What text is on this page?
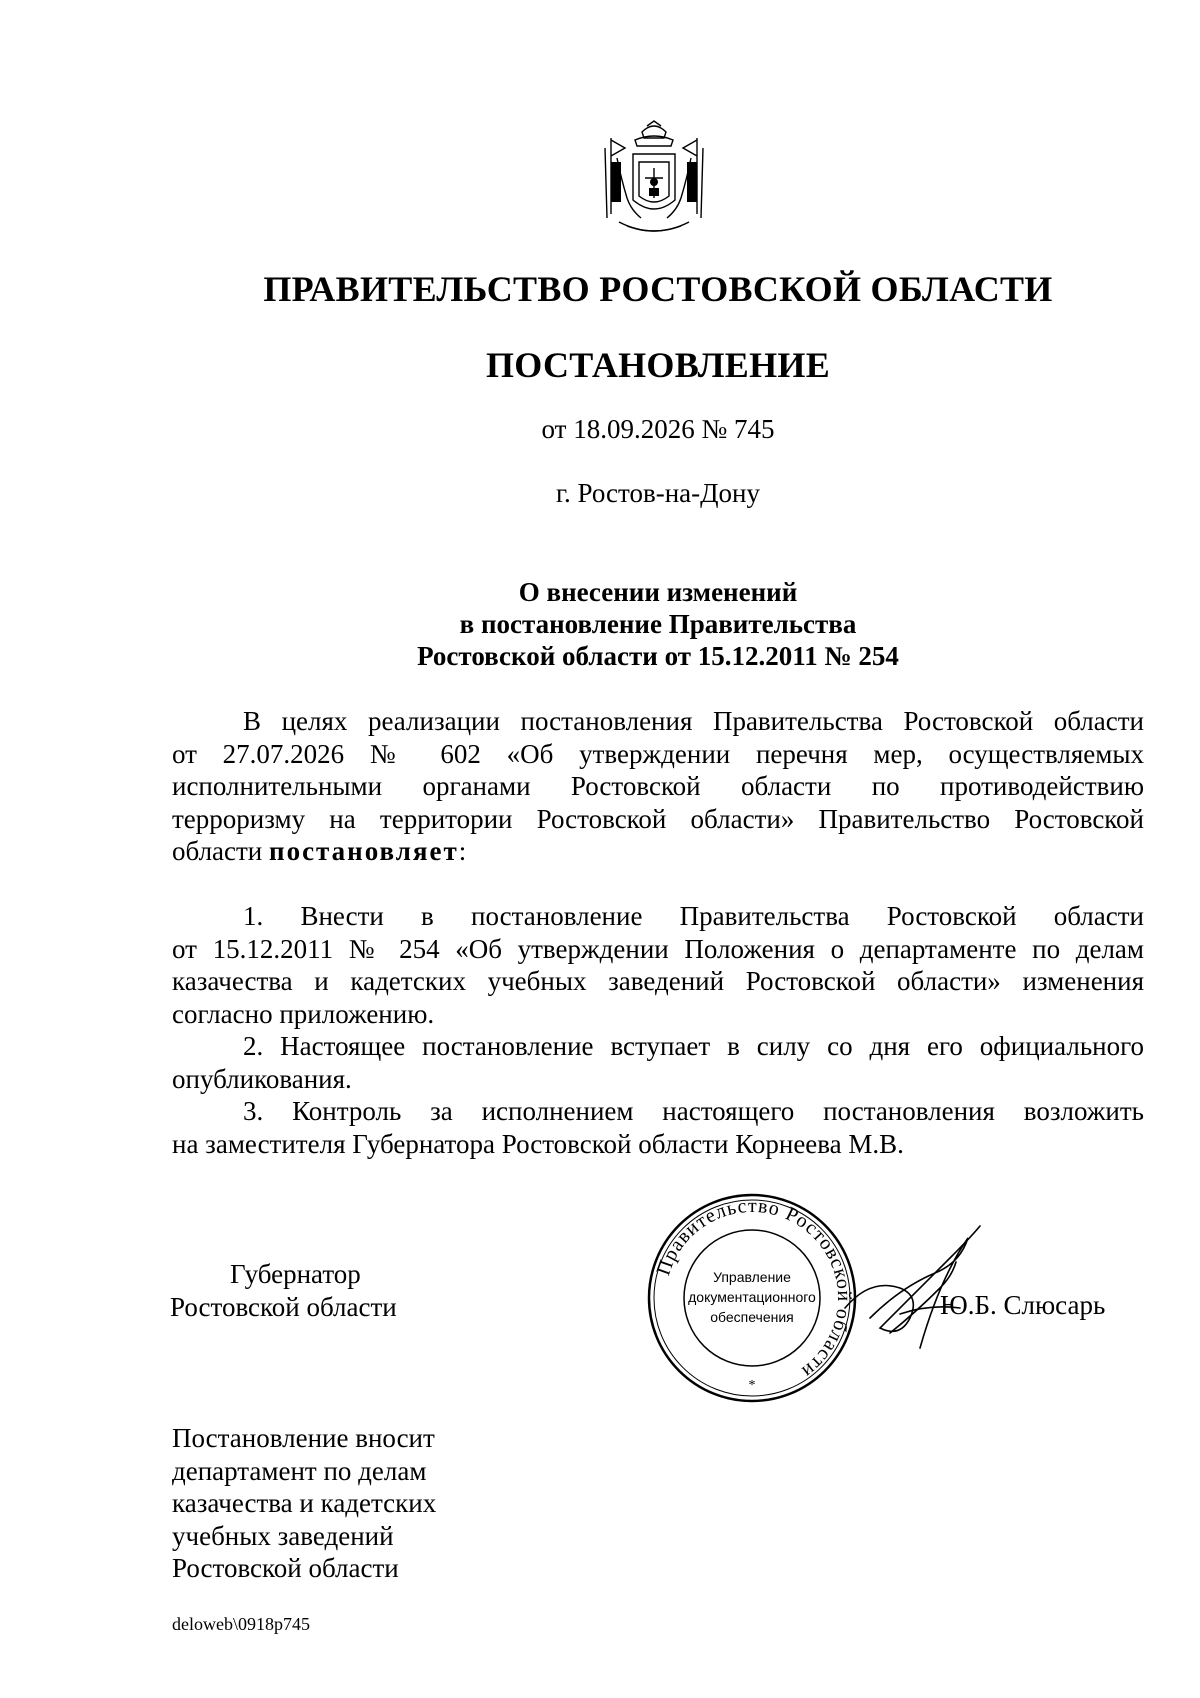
ПРАВИТЕЛЬСТВО РОСТОВСКОЙ ОБЛАСТИ
ПОСТАНОВЛЕНИЕ
от 18.09.2026 № 745
г. Ростов-на-Дону
О внесении изменений
в постановление Правительства
Ростовской области от 15.12.2011 № 254
В целях реализации постановления Правительства Ростовской области
от 27.07.2026 № 602 «Об утверждении перечня мер, осуществляемых
исполнительными органами Ростовской области по противодействию
терроризму на территории Ростовской области» Правительство Ростовской
области постановляет:
1. Внести в постановление Правительства Ростовской области
от 15.12.2011 № 254 «Об утверждении Положения о департаменте по делам
казачества и кадетских учебных заведений Ростовской области» изменения
согласно приложению.
2. Настоящее постановление вступает в силу со дня его официального
опубликования.
3. Контроль за исполнением настоящего постановления возложить
на заместителя Губернатора Ростовской области Корнеева М.В.
Губернатор
Ростовской области
Правительство Ростовской области
Управление
документационного
обеспечения
*
Ю.Б. Слюсарь
Постановление вносит
департамент по делам
казачества и кадетских
учебных заведений
Ростовской области
deloweb\0918p745
